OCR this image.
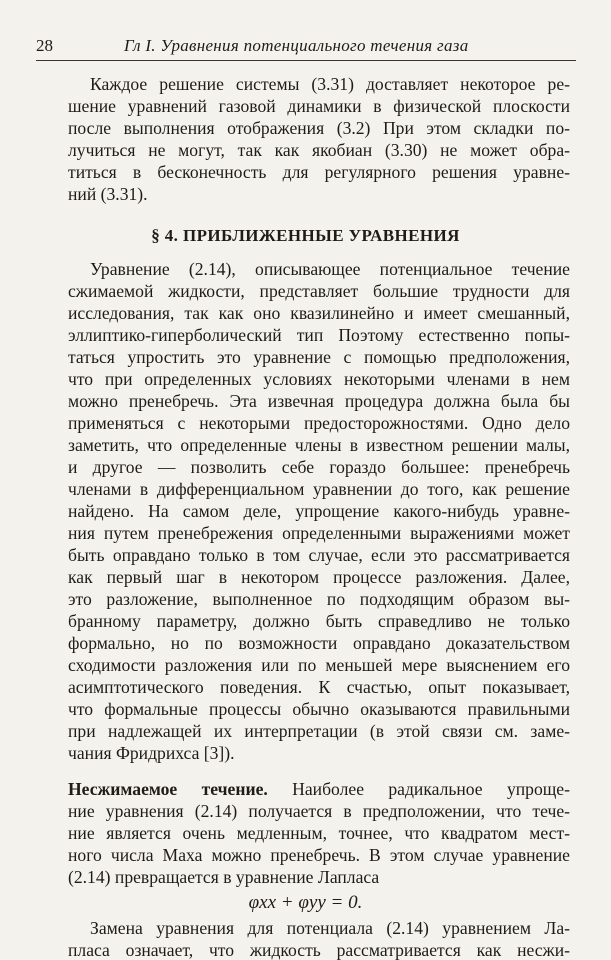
28	Гл I. Уравнения потенциального течения газа
Каждое решение системы (3.31) доставляет некоторое ре-
шение уравнений газовой динамики в физической плоскости
после выполнения отображения (3.2) При этом складки по-
лучиться не могут, так как якобиан (3.30) не может обра-
титься в бесконечность для регулярного решения уравне-
ний (3.31).
§ 4. ПРИБЛИЖЕННЫЕ УРАВНЕНИЯ
Уравнение (2.14), описывающее потенциальное течение
сжимаемой жидкости, представляет большие трудности для
исследования, так как оно квазилинейно и имеет смешанный,
эллиптико-гиперболический тип Поэтому естественно попы-
таться упростить это уравнение с помощью предположения,
что при определенных условиях некоторыми членами в нем
можно пренебречь. Эта извечная процедура должна была бы
применяться с некоторыми предосторожностями. Одно дело
заметить, что определенные члены в известном решении малы,
и другое — позволить себе гораздо большее: пренебречь
членами в дифференциальном уравнении до того, как решение
найдено. На самом деле, упрощение какого-нибудь уравне-
ния путем пренебрежения определенными выражениями может
быть оправдано только в том случае, если это рассматривается
как первый шаг в некотором процессе разложения. Далее,
это разложение, выполненное по подходящим образом вы-
бранному параметру, должно быть справедливо не только
формально, но по возможности оправдано доказательством
сходимости разложения или по меньшей мере выяснением его
асимптотического поведения. К счастью, опыт показывает,
что формальные процессы обычно оказываются правильными
при надлежащей их интерпретации (в этой связи см. заме-
чания Фридрихса [3]).
Несжимаемое течение. Наиболее радикальное упроще-
ние уравнения (2.14) получается в предположении, что тече-
ние является очень медленным, точнее, что квадратом мест-
ного числа Маха можно пренебречь. В этом случае уравнение
(2.14) превращается в уравнение Лапласа
φxx + φyy = 0.
Замена уравнения для потенциала (2.14) уравнением Ла-
пласа означает, что жидкость рассматривается как несжи-
